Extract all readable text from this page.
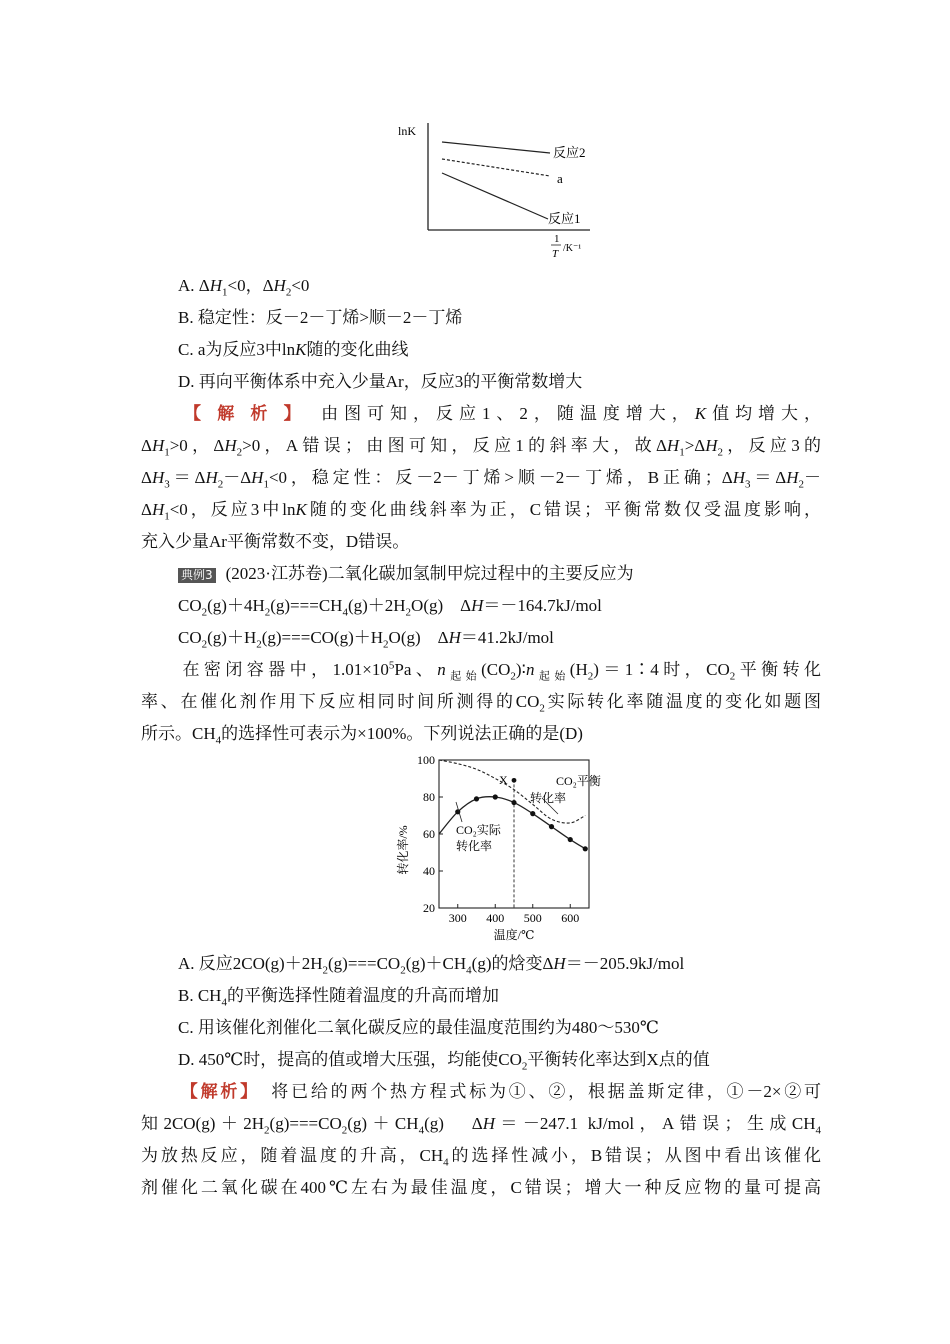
lnK
反应2
a
反应1
1
T /K⁻¹
A. $\Delta H_1<0$，$\Delta H_2<0$
B. 稳定性：反－2－丁烯>顺－2－丁烯
C. a为反应3中lnK随的变化曲线
D. 再向平衡体系中充入少量Ar，反应3的平衡常数增大
【 解 析 】　由图可知，反应1、2，随温度增大，K值均增大，
$\Delta H_1>0$，$\Delta H_2>0$，A错误；由图可知，反应1的斜率大，故$\Delta H_1>\Delta H_2$，反应3的
$\Delta H_3=\Delta H_2-\Delta H_1<0$，稳定性：反－2－丁烯>顺－2－丁烯，B正确；$\Delta H_3=\Delta H_2-$
$\Delta H_1<0$，反应3中lnK随的变化曲线斜率为正，C错误；平衡常数仅受温度影响，
充入少量Ar平衡常数不变，D错误。
典例3 (2023·江苏卷)二氧化碳加氢制甲烷过程中的主要反应为
$CO_2(g)+4H_2(g)===CH_4(g)+2H_2O(g)$　ΔH＝－164.7kJ/mol
$CO_2(g)+H_2(g)===CO(g)+H_2O(g)$　ΔH＝41.2kJ/mol
在密闭容器中，$1.01\times 10^5Pa$、$n_{起始}(CO_2)∶n_{起始}(H_2)=1∶4$时，$CO_2$平衡转化
率、在催化剂作用下反应相同时间所测得的$CO_2$实际转化率随温度的变化如题图
所示。$CH_4$的选择性可表示为×100%。下列说法正确的是(D)
20
40
60
80
100
300 400 500 600
转化率/%
温度/℃
CO₂平衡
转化率
CO₂实际
转化率
X
A. 反应$2CO(g)+2H_2(g)===CO_2(g)+CH_4(g)$的焓变ΔH＝－205.9kJ/mol
B. $CH_4$的平衡选择性随着温度的升高而增加
C. 用该催化剂催化二氧化碳反应的最佳温度范围约为480～530℃
D. 450℃时，提高的值或增大压强，均能使$CO_2$平衡转化率达到X点的值
【解析】　将已给的两个热方程式标为①、②，根据盖斯定律，①－2×②可
知$2CO(g)+2H_2(g)===CO_2(g)+CH_4(g)$　ΔH＝－247.1 kJ/mol，A错误；生成$CH_4$
为放热反应，随着温度的升高，$CH_4$的选择性减小，B错误；从图中看出该催化
剂催化二氧化碳在400℃左右为最佳温度，C错误；增大一种反应物的量可提高
